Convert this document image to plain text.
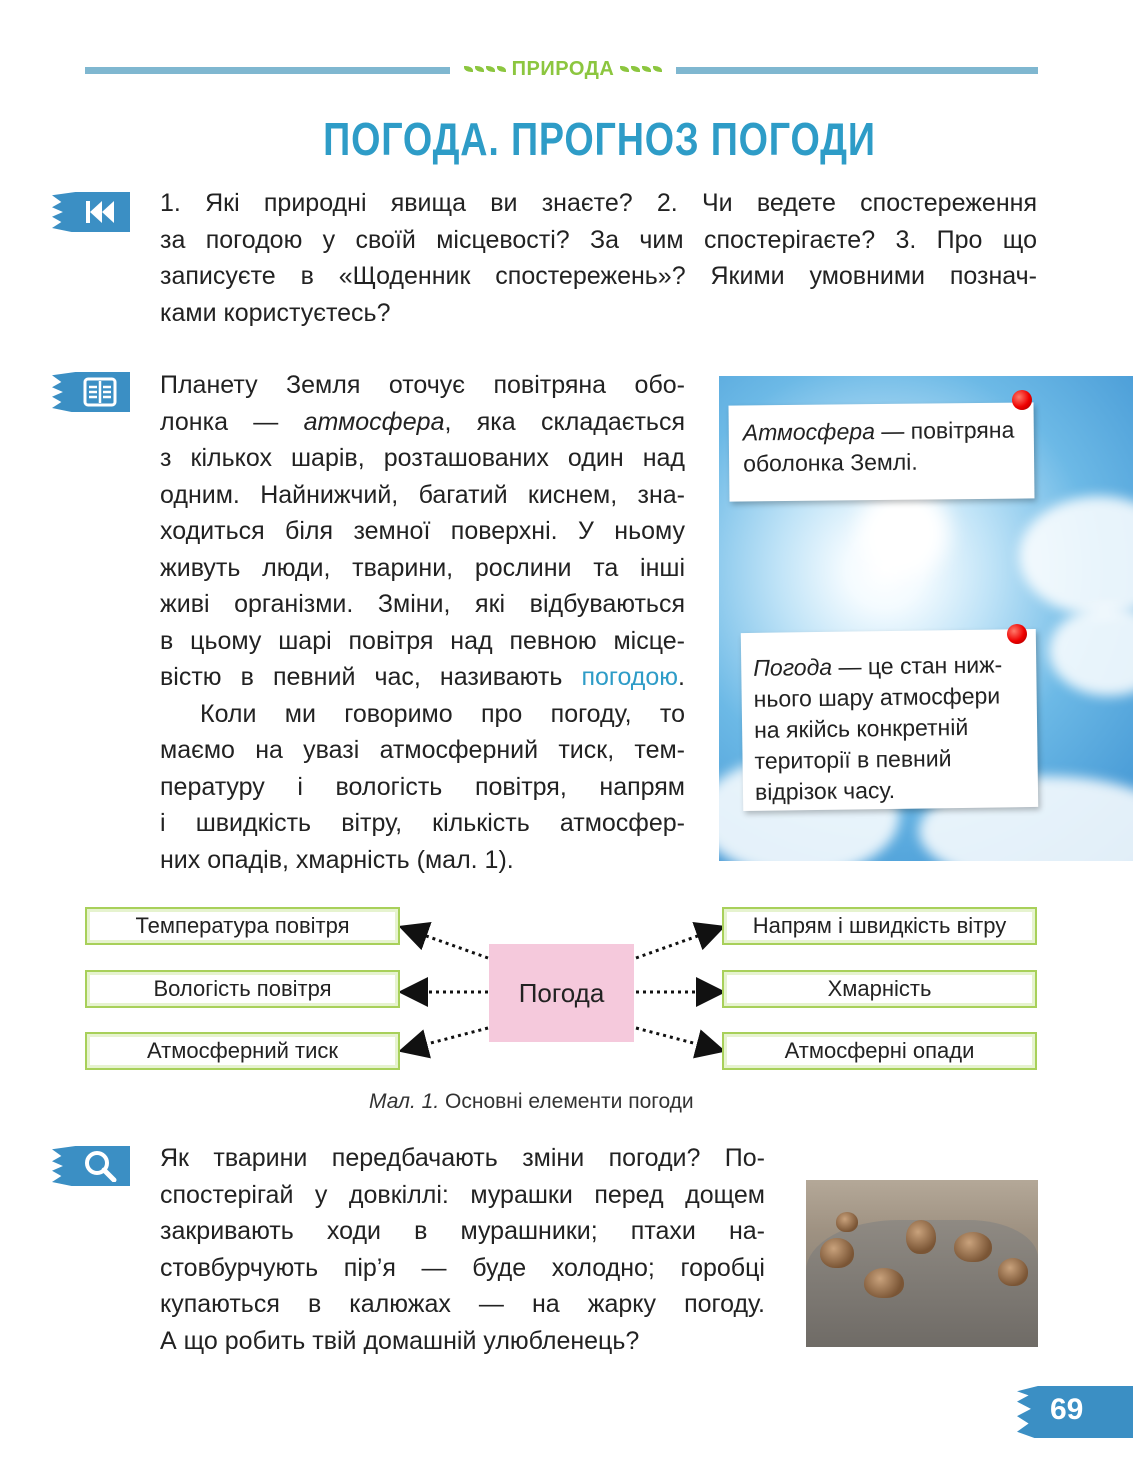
ПРИРОДА
ПОГОДА. ПРОГНОЗ ПОГОДИ
1. Які природні явища ви знаєте? 2. Чи ведете спостереження
за погодою у своїй місцевості? За чим спостерігаєте? 3. Про що
записуєте в «Щоденник спостережень»? Якими умовними познач-
ками користуєтесь?
Планету Земля оточує повітряна обо-
лонка — атмосфера, яка складається
з кількох шарів, розташованих один над
одним. Найнижчий, багатий киснем, зна-
ходиться біля земної поверхні. У ньому
живуть люди, тварини, рослини та інші
живі організми. Зміни, які відбуваються
в цьому шарі повітря над певною місце-
вістю в певний час, називають погодою.
Коли ми говоримо про погоду, то
маємо на увазі атмосферний тиск, тем-
пературу і вологість повітря, напрям
і швидкість вітру, кількість атмосфер-
них опадів, хмарність (мал. 1).
Атмосфера — повітряна
оболонка Землі.
Погода — це стан ниж-
нього шару атмосфери
на якійсь конкретній
території в певний
відрізок часу.
Температура повітря
Вологість повітря
Атмосферний тиск
Погода
Напрям і швидкість вітру
Хмарність
Атмосферні опади
Мал. 1. Основні елементи погоди
Як тварини передбачають зміни погоди? По-
спостерігай у довкіллі: мурашки перед дощем
закривають ходи в мурашники; птахи на-
стовбурчують пір’я — буде холодно; горобці
купаються в калюжах — на жарку погоду.
А що робить твій домашній улюбленець?
69
